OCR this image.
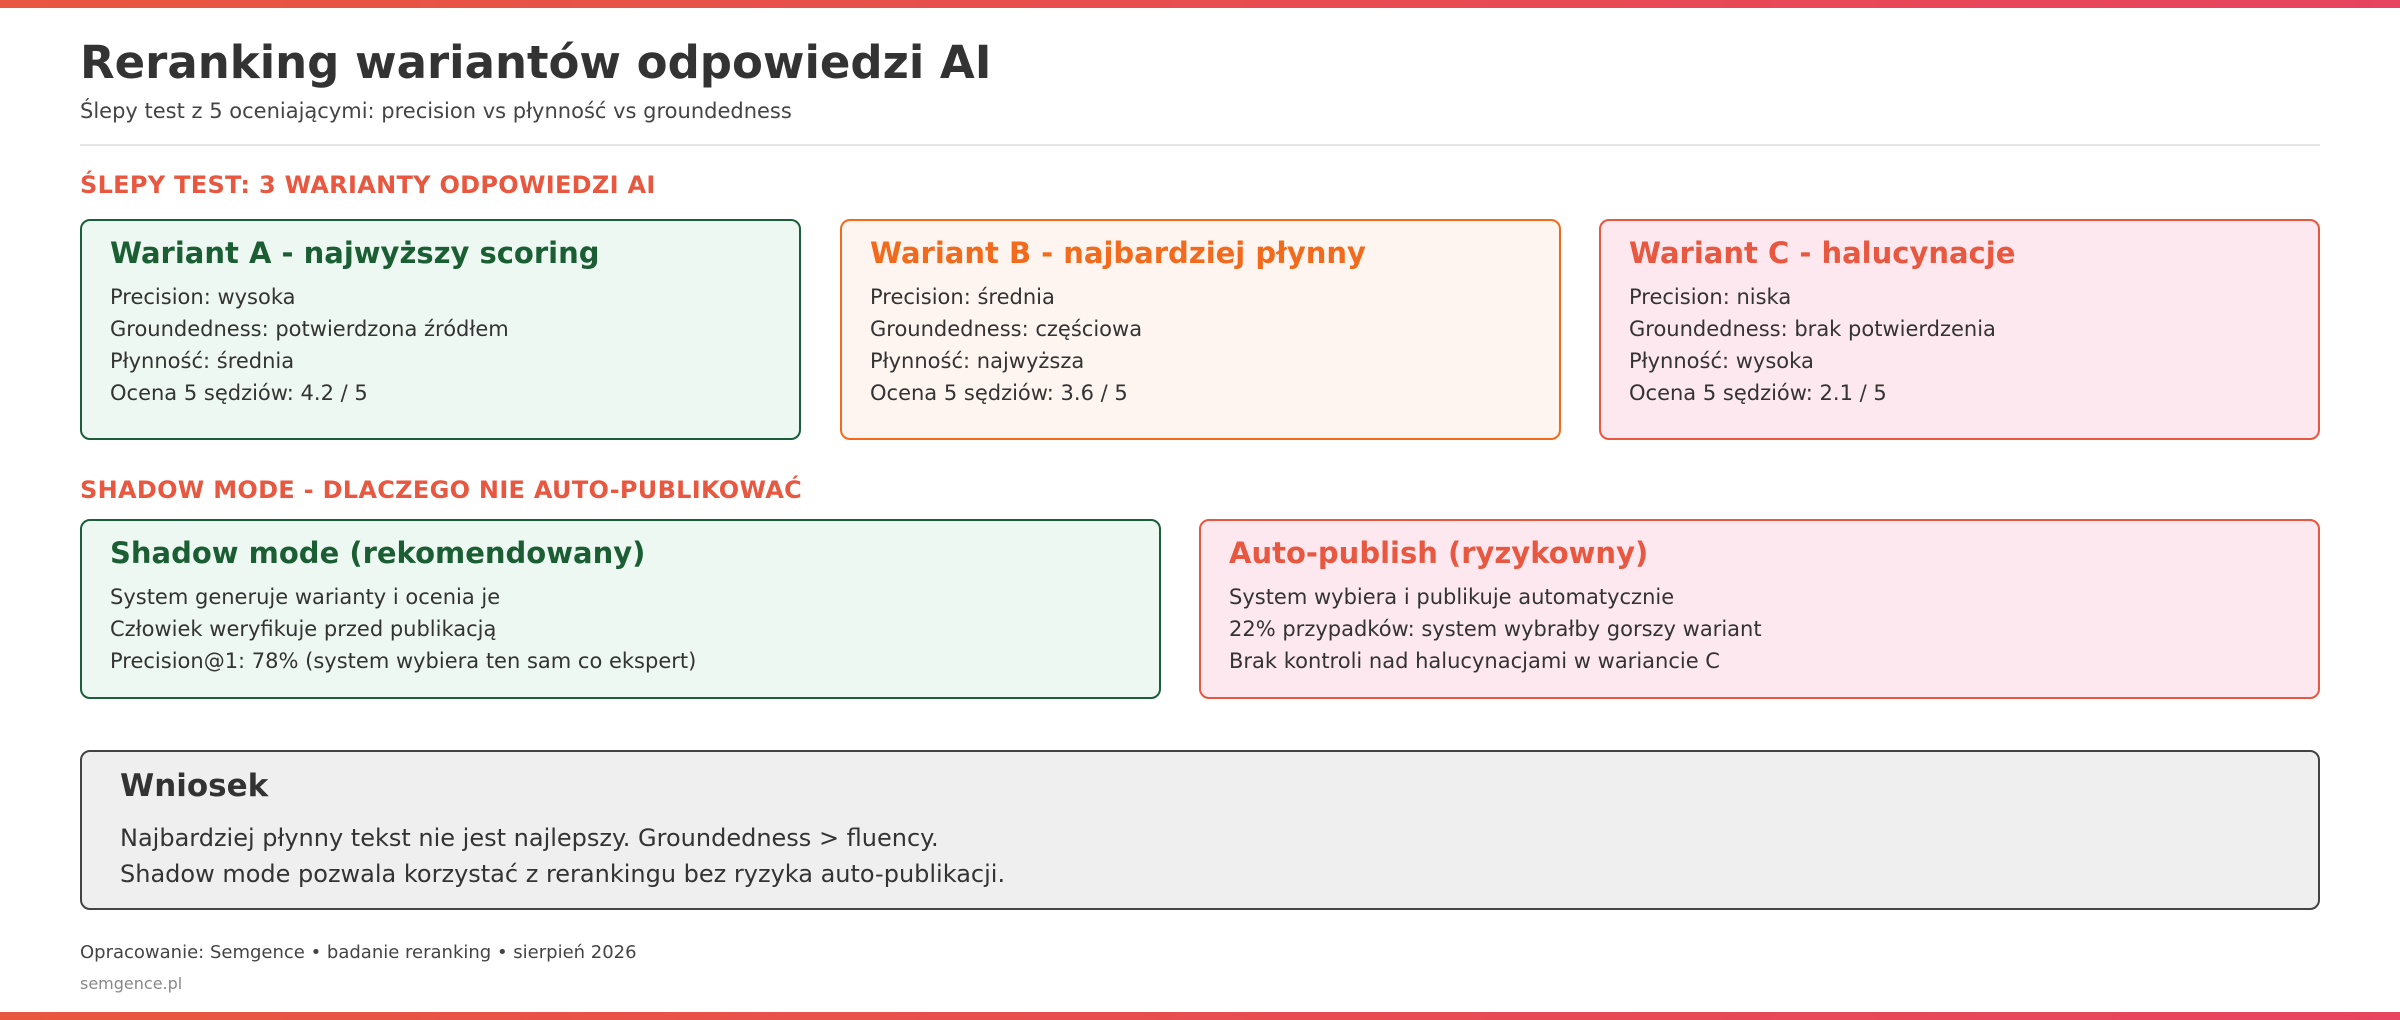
Reranking wariantów odpowiedzi AI
Ślepy test z 5 oceniającymi: precision vs płynność vs groundedness
ŚLEPY TEST: 3 WARIANTY ODPOWIEDZI AI
Wariant A - najwyższy scoring
Precision: wysoka
Groundedness: potwierdzona źródłem
Płynność: średnia
Ocena 5 sędziów: 4.2 / 5
Wariant B - najbardziej płynny
Precision: średnia
Groundedness: częściowa
Płynność: najwyższa
Ocena 5 sędziów: 3.6 / 5
Wariant C - halucynacje
Precision: niska
Groundedness: brak potwierdzenia
Płynność: wysoka
Ocena 5 sędziów: 2.1 / 5
SHADOW MODE - DLACZEGO NIE AUTO-PUBLIKOWAĆ
Shadow mode (rekomendowany)
System generuje warianty i ocenia je
Człowiek weryfikuje przed publikacją
Precision@1: 78% (system wybiera ten sam co ekspert)
Auto-publish (ryzykowny)
System wybiera i publikuje automatycznie
22% przypadków: system wybrałby gorszy wariant
Brak kontroli nad halucynacjami w wariancie C
Wniosek
Najbardziej płynny tekst nie jest najlepszy. Groundedness > fluency.
Shadow mode pozwala korzystać z rerankingu bez ryzyka auto-publikacji.
Opracowanie: Semgence • badanie reranking • sierpień 2026
semgence.pl
